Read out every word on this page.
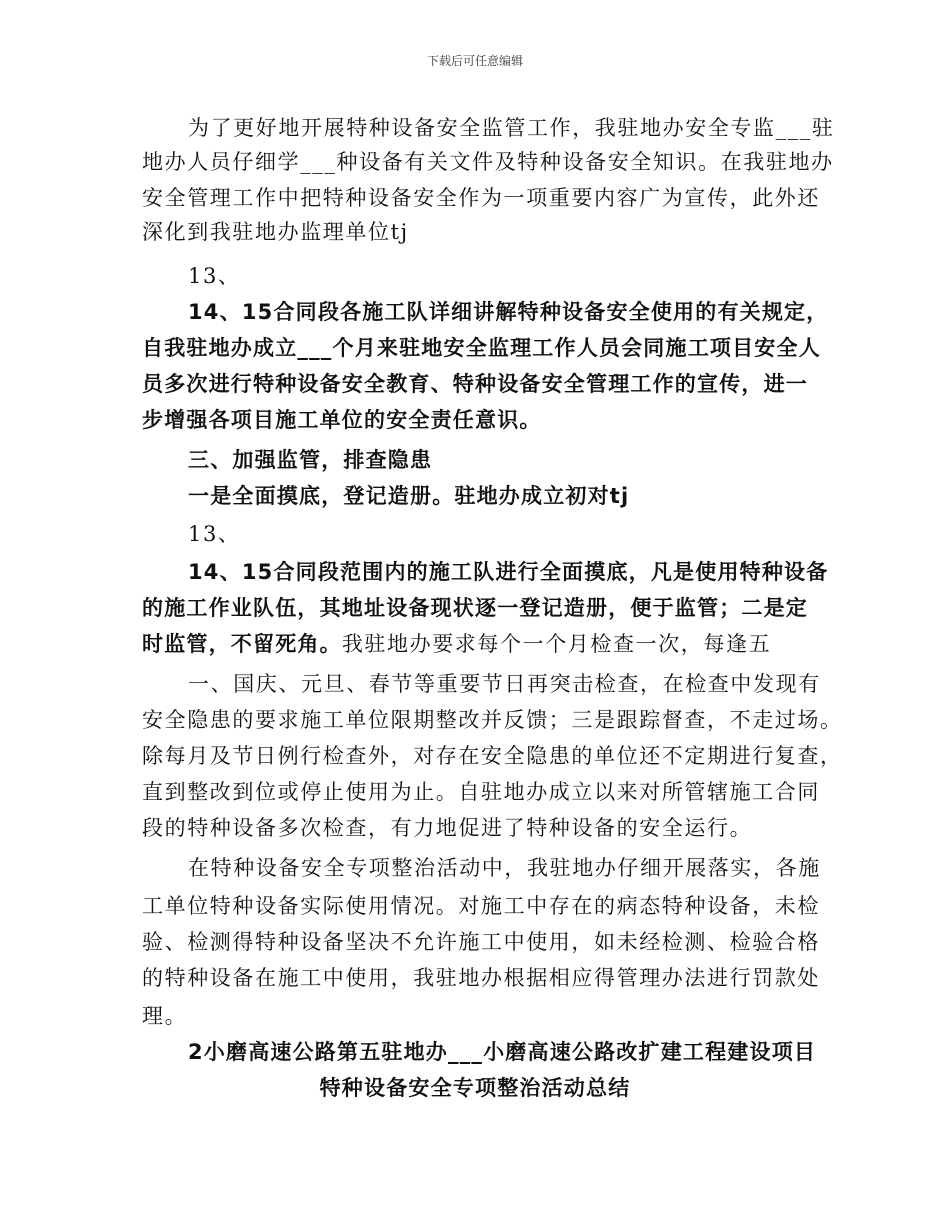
下载后可任意编辑
为了更好地开展特种设备安全监管工作，我驻地办安全专监___驻
地办人员仔细学___种设备有关文件及特种设备安全知识。在我驻地办
安全管理工作中把特种设备安全作为一项重要内容广为宣传，此外还
深化到我驻地办监理单位tj
13、
14、15合同段各施工队详细讲解特种设备安全使用的有关规定，
自我驻地办成立___个月来驻地安全监理工作人员会同施工项目安全人
员多次进行特种设备安全教育、特种设备安全管理工作的宣传，进一
步增强各项目施工单位的安全责任意识。
三、加强监管，排查隐患
一是全面摸底，登记造册。驻地办成立初对tj
13、
14、15合同段范围内的施工队进行全面摸底，凡是使用特种设备
的施工作业队伍，其地址设备现状逐一登记造册，便于监管；二是定
时监管，不留死角。我驻地办要求每个一个月检查一次，每逢五
一、国庆、元旦、春节等重要节日再突击检查，在检查中发现有
安全隐患的要求施工单位限期整改并反馈；三是跟踪督查，不走过场。
除每月及节日例行检查外，对存在安全隐患的单位还不定期进行复查，
直到整改到位或停止使用为止。自驻地办成立以来对所管辖施工合同
段的特种设备多次检查，有力地促进了特种设备的安全运行。
在特种设备安全专项整治活动中，我驻地办仔细开展落实，各施
工单位特种设备实际使用情况。对施工中存在的病态特种设备，未检
验、检测得特种设备坚决不允许施工中使用，如未经检测、检验合格
的特种设备在施工中使用，我驻地办根据相应得管理办法进行罚款处
理。
2小磨高速公路第五驻地办___小磨高速公路改扩建工程建设项目
特种设备安全专项整治活动总结
